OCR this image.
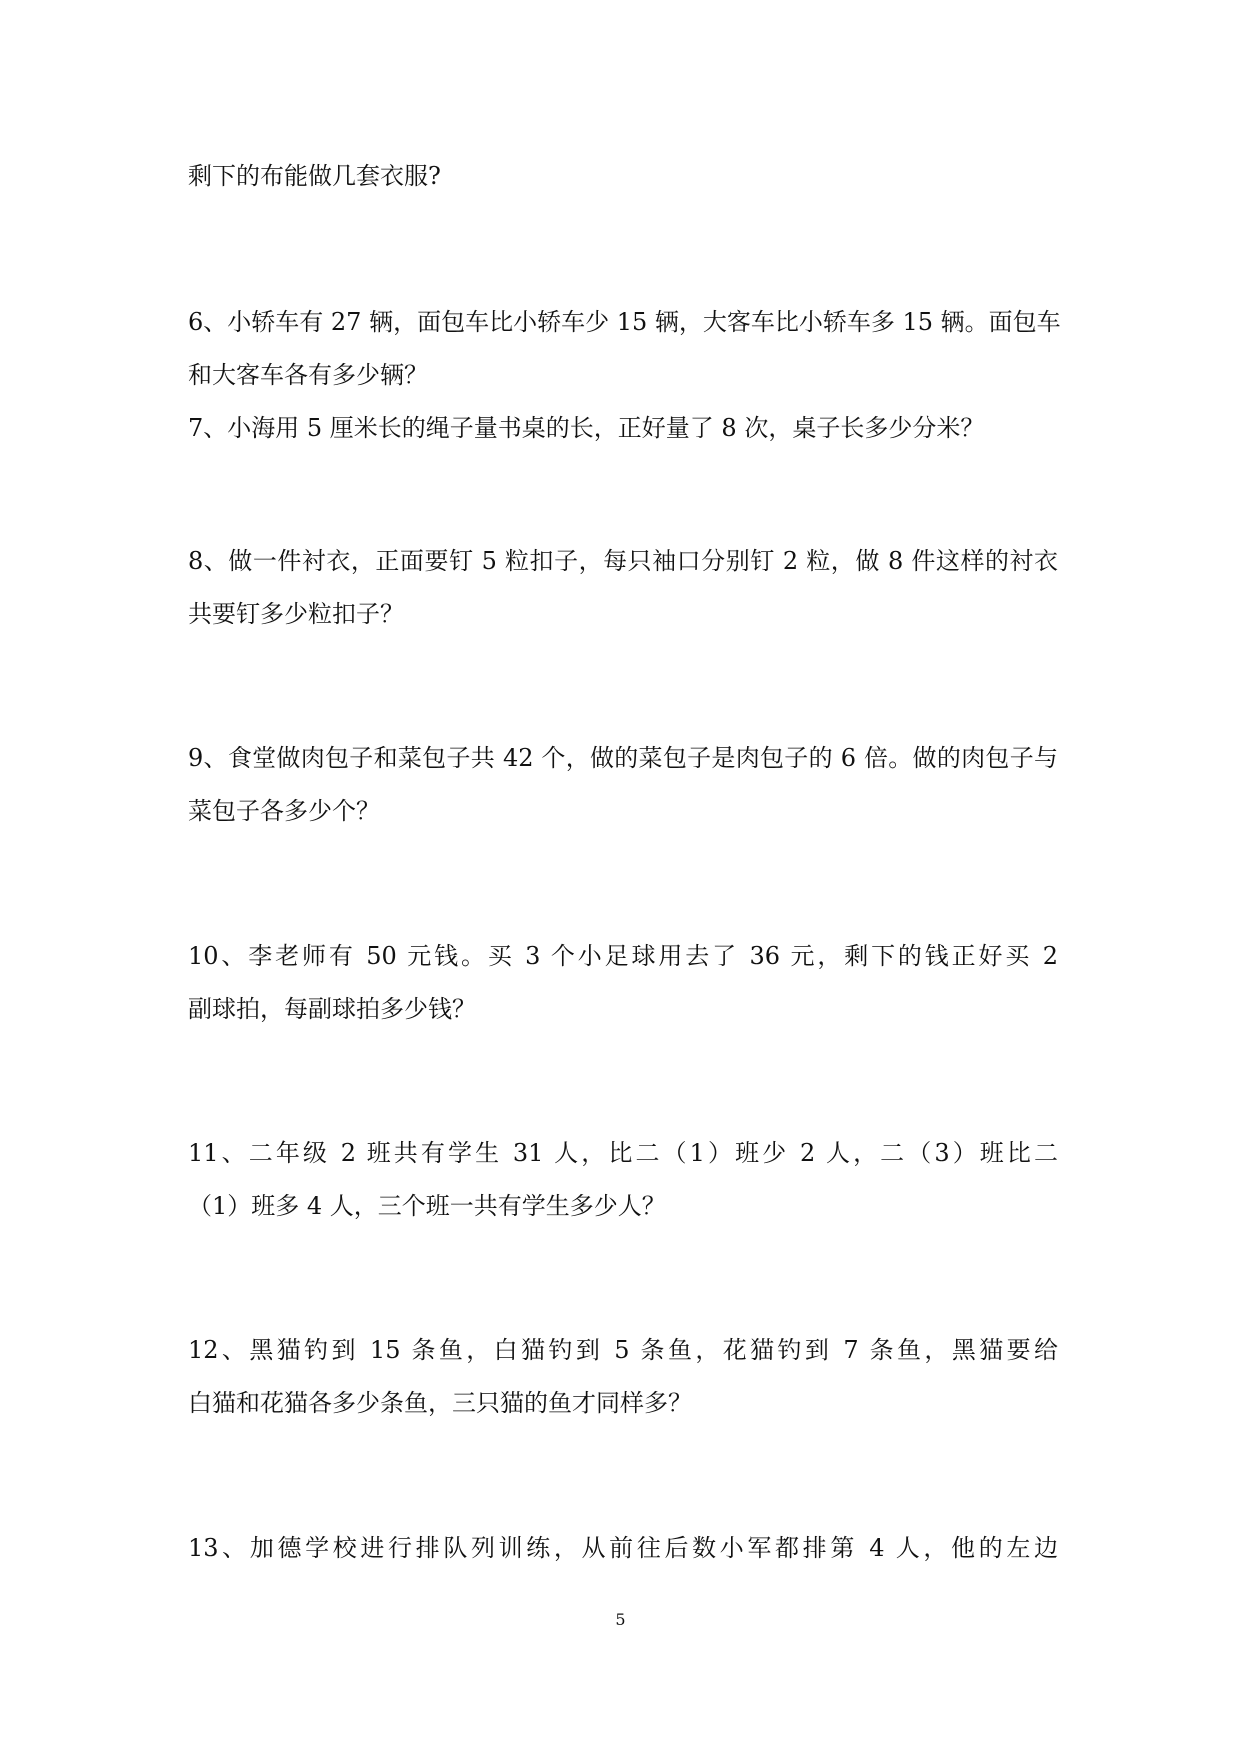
剩下的布能做几套衣服?

6、小轿车有 27 辆，面包车比小轿车少 15 辆，大客车比小轿车多 15 辆。面包车

和大客车各有多少辆？

7、小海用 5 厘米长的绳子量书桌的长，正好量了 8 次，桌子长多少分米？

8、做一件衬衣，正面要钉 5 粒扣子，每只袖口分别钉 2 粒，做 8 件这样的衬衣

共要钉多少粒扣子？

9、食堂做肉包子和菜包子共 42 个，做的菜包子是肉包子的 6 倍。做的肉包子与

菜包子各多少个？

10、李老师有 50 元钱。买 3 个小足球用去了 36 元，剩下的钱正好买 2

副球拍，每副球拍多少钱？

11、二年级 2 班共有学生 31 人，比二（1）班少 2 人，二（3）班比二

（1）班多 4 人，三个班一共有学生多少人？

12、黑猫钓到 15 条鱼，白猫钓到 5 条鱼，花猫钓到 7 条鱼，黑猫要给

白猫和花猫各多少条鱼，三只猫的鱼才同样多？

13、加德学校进行排队列训练，从前往后数小军都排第 4 人，他的左边

5
